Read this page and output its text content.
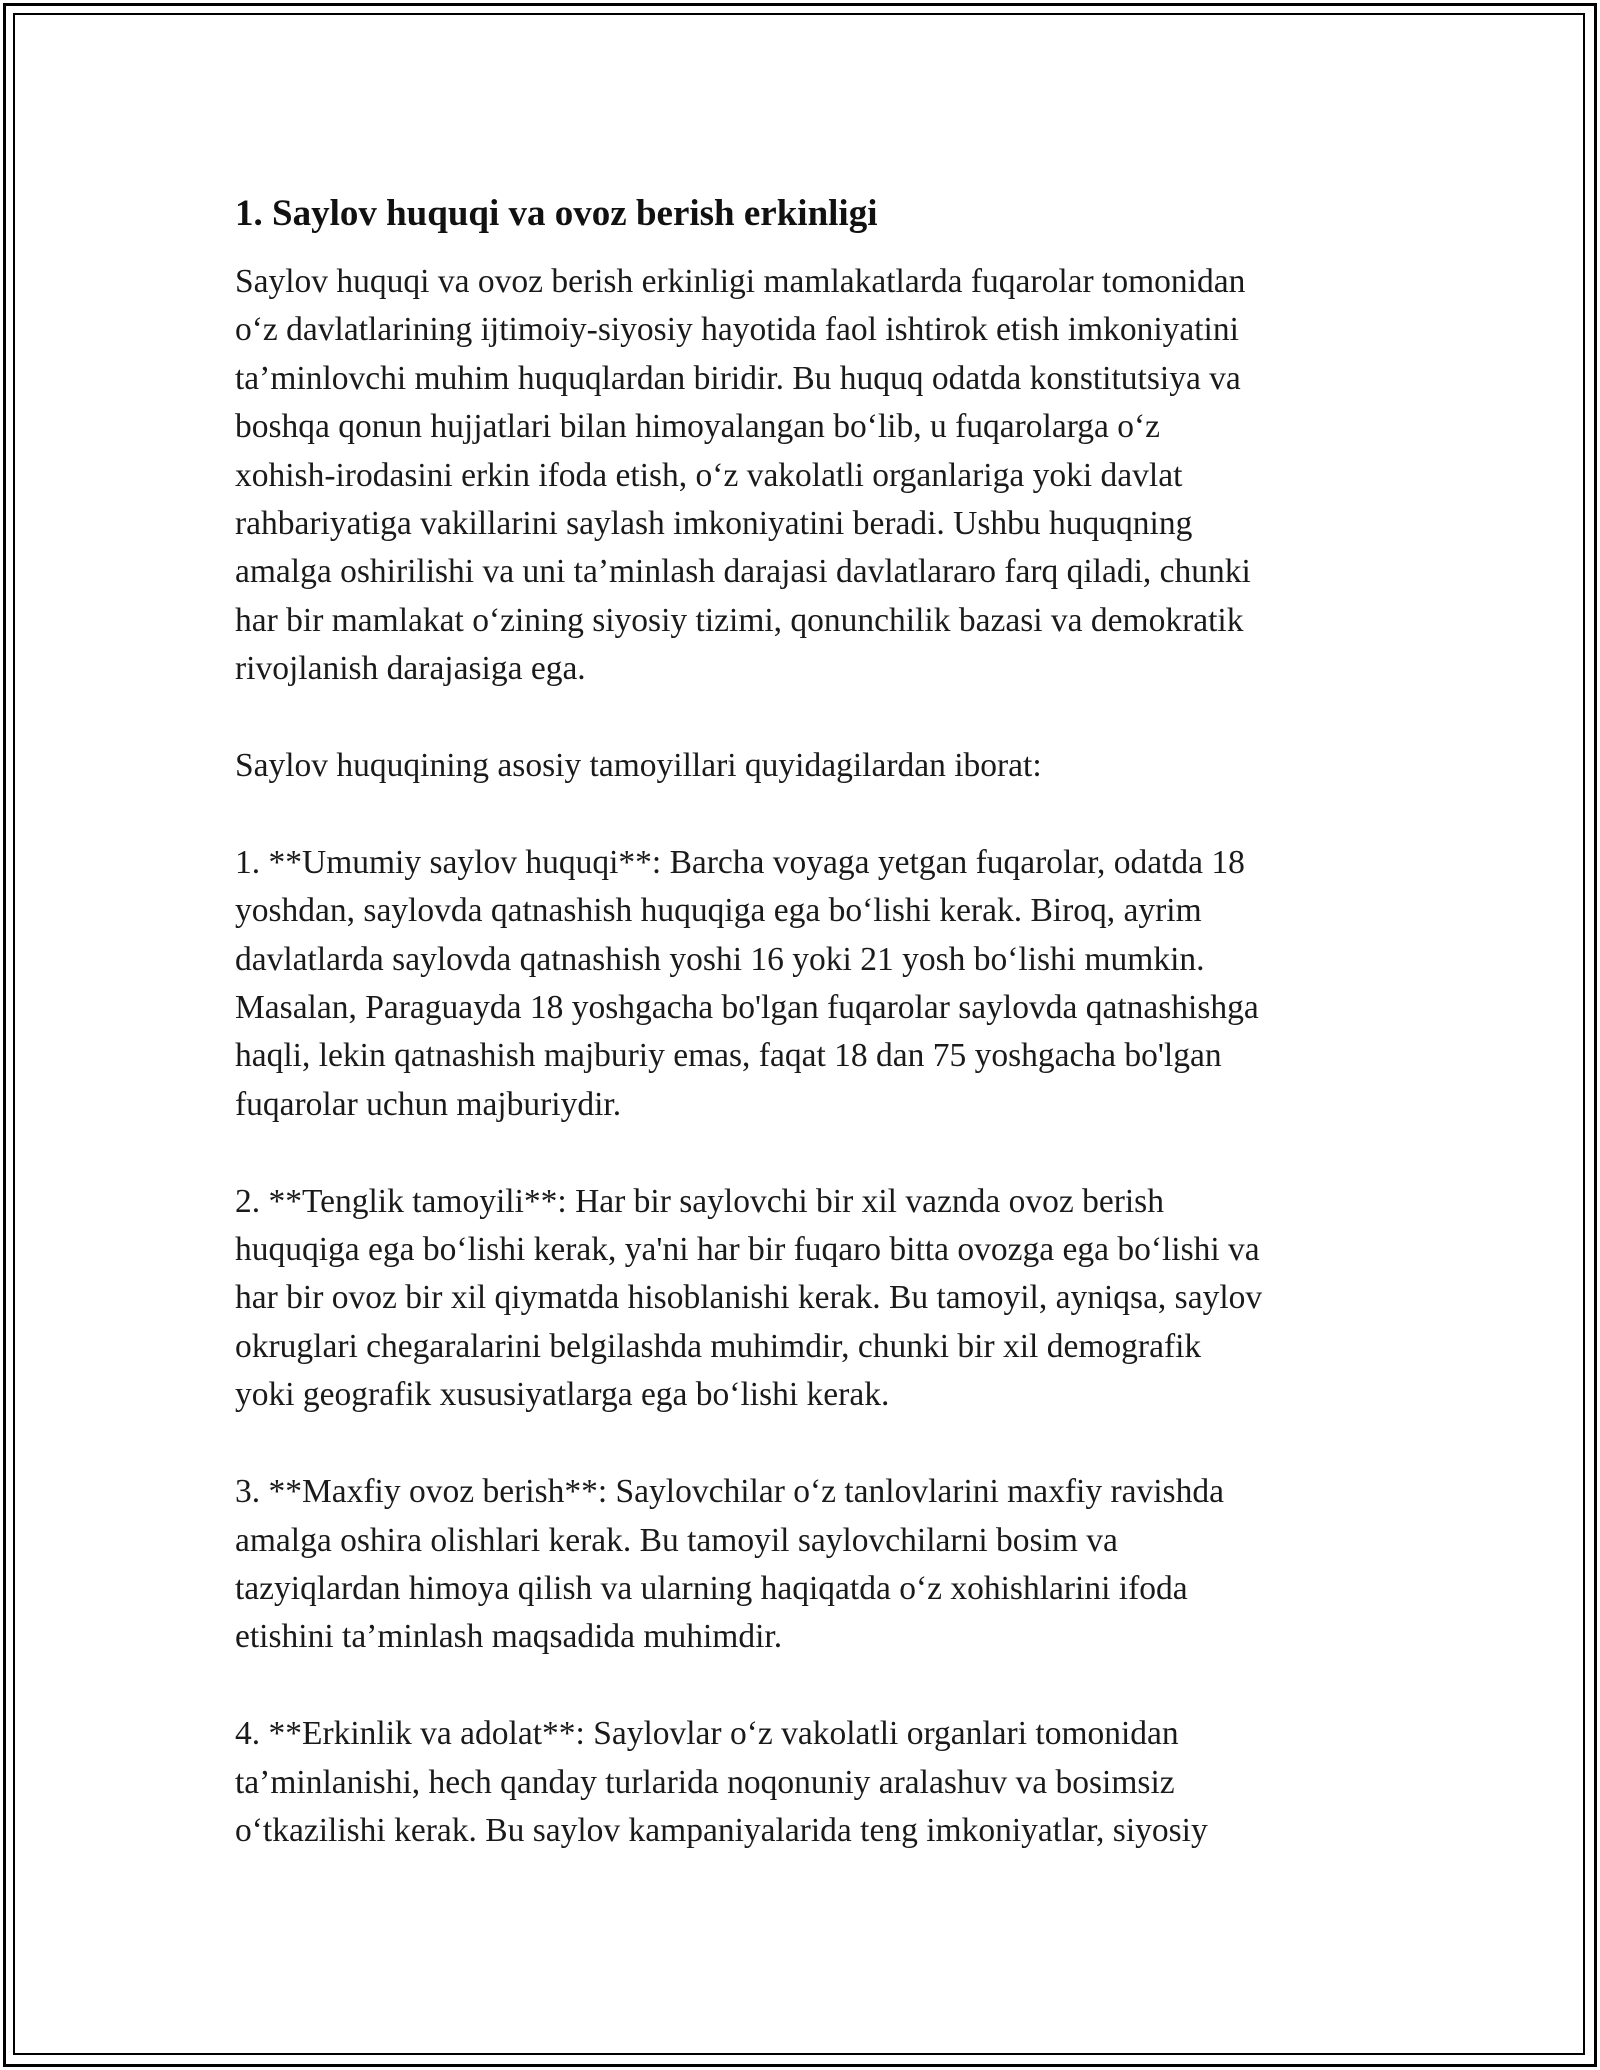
1. Saylov huquqi va ovoz berish erkinligi

Saylov huquqi va ovoz berish erkinligi mamlakatlarda fuqarolar tomonidan
o‘z davlatlarining ijtimoiy-siyosiy hayotida faol ishtirok etish imkoniyatini
ta’minlovchi muhim huquqlardan biridir. Bu huquq odatda konstitutsiya va
boshqa qonun hujjatlari bilan himoyalangan bo‘lib, u fuqarolarga o‘z
xohish-irodasini erkin ifoda etish, o‘z vakolatli organlariga yoki davlat
rahbariyatiga vakillarini saylash imkoniyatini beradi. Ushbu huquqning
amalga oshirilishi va uni ta’minlash darajasi davlatlararo farq qiladi, chunki
har bir mamlakat o‘zining siyosiy tizimi, qonunchilik bazasi va demokratik
rivojlanish darajasiga ega.

Saylov huquqining asosiy tamoyillari quyidagilardan iborat:

1. **Umumiy saylov huquqi**: Barcha voyaga yetgan fuqarolar, odatda 18
yoshdan, saylovda qatnashish huquqiga ega bo‘lishi kerak. Biroq, ayrim
davlatlarda saylovda qatnashish yoshi 16 yoki 21 yosh bo‘lishi mumkin.
Masalan, Paraguayda 18 yoshgacha bo'lgan fuqarolar saylovda qatnashishga
haqli, lekin qatnashish majburiy emas, faqat 18 dan 75 yoshgacha bo'lgan
fuqarolar uchun majburiydir.

2. **Tenglik tamoyili**: Har bir saylovchi bir xil vaznda ovoz berish
huquqiga ega bo‘lishi kerak, ya'ni har bir fuqaro bitta ovozga ega bo‘lishi va
har bir ovoz bir xil qiymatda hisoblanishi kerak. Bu tamoyil, ayniqsa, saylov
okruglari chegaralarini belgilashda muhimdir, chunki bir xil demografik
yoki geografik xususiyatlarga ega bo‘lishi kerak.

3. **Maxfiy ovoz berish**: Saylovchilar o‘z tanlovlarini maxfiy ravishda
amalga oshira olishlari kerak. Bu tamoyil saylovchilarni bosim va
tazyiqlardan himoya qilish va ularning haqiqatda o‘z xohishlarini ifoda
etishini ta’minlash maqsadida muhimdir.

4. **Erkinlik va adolat**: Saylovlar o‘z vakolatli organlari tomonidan
ta’minlanishi, hech qanday turlarida noqonuniy aralashuv va bosimsiz
o‘tkazilishi kerak. Bu saylov kampaniyalarida teng imkoniyatlar, siyosiy
